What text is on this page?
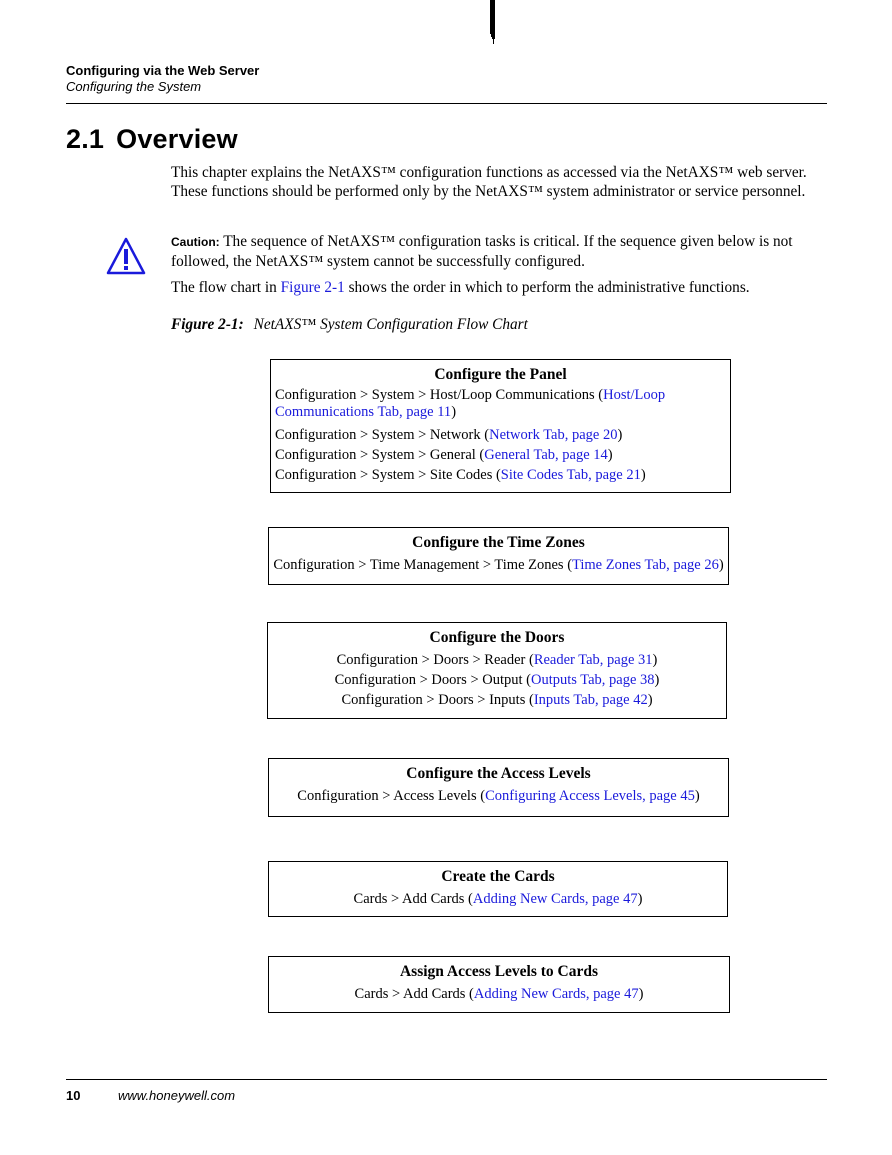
Configuring via the Web Server
Configuring the System
2.1 Overview
This chapter explains the NetAXS™ configuration functions as accessed via the NetAXS™ web server. These functions should be performed only by the NetAXS™ system administrator or service personnel.
Caution: The sequence of NetAXS™ configuration tasks is critical. If the sequence given below is not followed, the NetAXS™ system cannot be successfully configured.
The flow chart in Figure 2-1 shows the order in which to perform the administrative functions.
Figure 2-1: NetAXS™ System Configuration Flow Chart
Configure the Panel
Configuration > System > Host/Loop Communications (Host/Loop
Communications Tab, page 11)
Configuration > System > Network (Network Tab, page 20)
Configuration > System > General (General Tab, page 14)
Configuration > System > Site Codes (Site Codes Tab, page 21)
Configure the Time Zones
Configuration > Time Management > Time Zones (Time Zones Tab, page 26)
Configure the Doors
Configuration > Doors > Reader (Reader Tab, page 31)
Configuration > Doors > Output (Outputs Tab, page 38)
Configuration > Doors > Inputs (Inputs Tab, page 42)
Configure the Access Levels
Configuration > Access Levels (Configuring Access Levels, page 45)
Create the Cards
Cards > Add Cards (Adding New Cards, page 47)
Assign Access Levels to Cards
Cards > Add Cards (Adding New Cards, page 47)
10	www.honeywell.com
